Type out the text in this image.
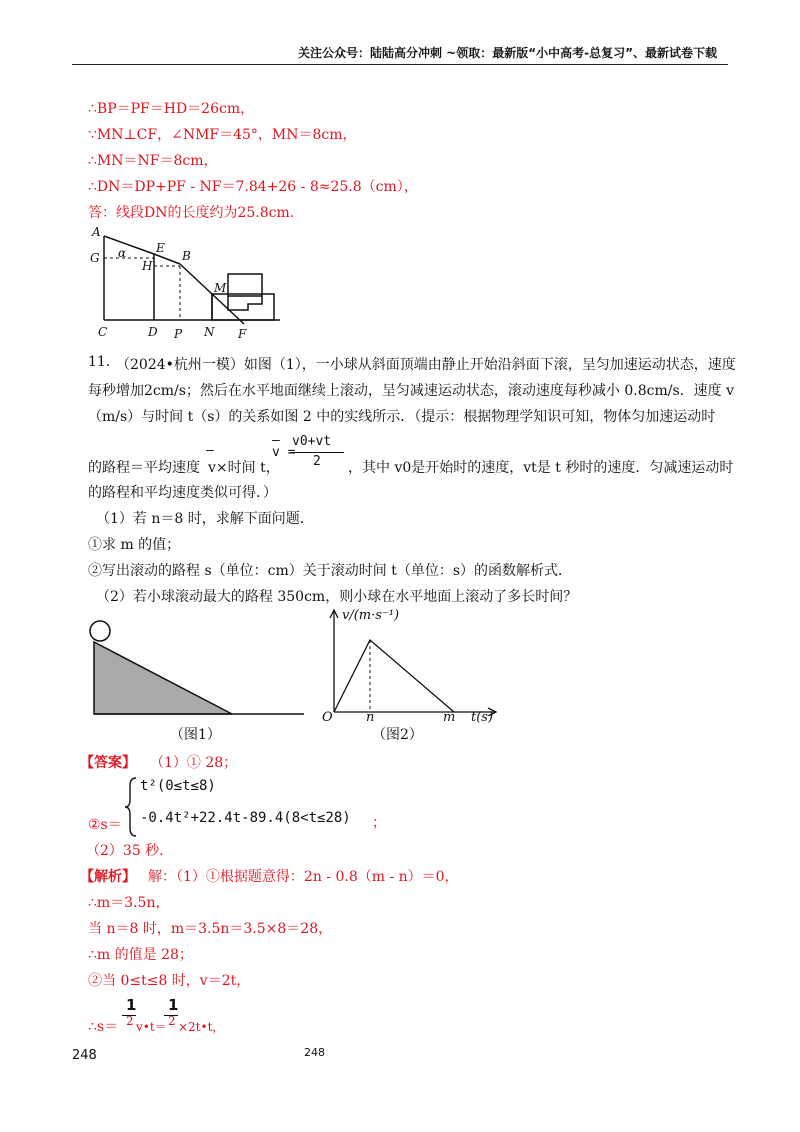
关注公众号：陆陆高分冲刺 ~领取：最新版“小中高考-总复习”、最新试卷下载
∴BP＝PF＝HD＝26cm，
∵MN⊥CF，∠NMF＝45°，MN＝8cm，
∴MN＝NF＝8cm，
∴DN＝DP+PF - NF＝7.84+26 - 8≈25.8（cm），
答：线段DN的长度约为25.8cm.
A
G α E
H
B
M
C	D P N F
11. （2024•杭州一模）如图（1），一小球从斜面顶端由静止开始沿斜面下滚，呈匀加速运动状态，速度
每秒增加2cm/s；然后在水平地面继续上滚动，呈匀减速运动状态，滚动速度每秒减小 0.8cm/s．速度 v
（m/s）与时间 t（s）的关系如图 2 中的实线所示．（提示：根据物理学知识可知，物体匀加速运动时
的路程＝平均速度
―
v×时间 t，
― v0+vt
v =
2 ，其中 v0是开始时的速度，vt是 t 秒时的速度．匀减速运动时
的路程和平均速度类似可得．）
（1）若 n＝8 时，求解下面问题．
①求 m 的值；
②写出滚动的路程 s（单位：cm）关于滚动时间 t（单位：s）的函数解析式．
（2）若小球滚动最大的路程 350cm，则小球在水平地面上滚动了多长时间？
（图1）
v/(m·s⁻¹)
O	n	m t(s)
（图2）
【答案】 （1）① 28；
②s＝
t²(0≤t≤8)
-0.4t²+22.4t-89.4(8<t≤28) ；
（2）35 秒．
【解析】 解：（1）①根据题意得：2n - 0.8（m - n）＝0，
∴m＝3.5n，
当 n＝8 时，m＝3.5n＝3.5×8＝28，
∴m 的值是 28；
②当 0≤t≤8 时，v＝2t，
1 1
∴s＝ 2 v•t＝ 2 ×2t•t，
248	248
